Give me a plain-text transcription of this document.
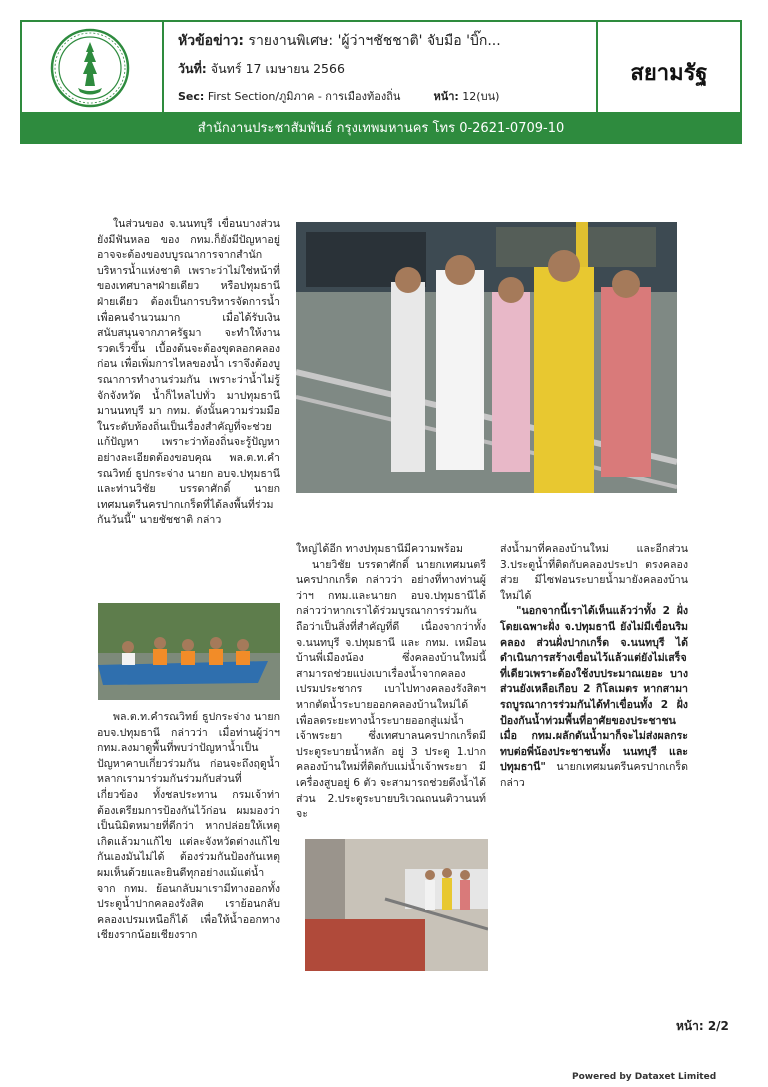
หัวข้อข่าว: รายงานพิเศษ: 'ผู้ว่าฯชัชชาติ' จับมือ 'บิ๊ก...
วันที่: จันทร์ 17 เมษายน 2566
Sec: First Section/ภูมิภาค - การเมืองท้องถิ่น	หน้า: 12(บน)
สยามรัฐ
สำนักงานประชาสัมพันธ์ กรุงเทพมหานคร โทร 0-2621-0709-10

ในส่วนของ จ.นนทบุรี เขื่อนบางส่วนยังมีฟันหลอ ของ กทม.ก็ยังมีปัญหาอยู่ อาจจะต้องของบบูรณาการจากสำนักบริหารน้ำแห่งชาติ เพราะว่าไม่ใช่หน้าที่ของเทศบาลฯฝ่ายเดียว หรือปทุมธานีฝ่ายเดียว ต้องเป็นการบริหารจัดการน้ำเพื่อคนจำนวนมาก เมื่อได้รับเงินสนับสนุนจากภาครัฐมา จะทำให้งานรวดเร็วขึ้น เบื้องต้นจะต้องขุดลอกคลองก่อน เพื่อเพิ่มการไหลของน้ำ เราจึงต้องบูรณาการทำงานร่วมกัน เพราะว่าน้ำไม่รู้จักจังหวัด น้ำก็ไหลไปทั่ว มาปทุมธานี มานนทบุรี มา กทม. ดังนั้นความร่วมมือในระดับท้องถิ่นเป็นเรื่องสำคัญที่จะช่วยแก้ปัญหา เพราะว่าท้องถิ่นจะรู้ปัญหาอย่างละเอียดต้องขอบคุณ พล.ต.ท.คำรณวิทย์ ธูปกระจ่าง นายก อบจ.ปทุมธานีและท่านวิชัย บรรดาศักดิ์ นายกเทศมนตรีนครปากเกร็ดที่ได้ลงพื้นที่ร่วมกันวันนี้" นายชัชชาติ กล่าว

พล.ต.ท.คำรณวิทย์ ธูปกระจ่าง นายก อบจ.ปทุมธานี กล่าวว่า เมื่อท่านผู้ว่าฯ กทม.ลงมาดูพื้นที่พบว่าปัญหาน้ำเป็นปัญหาคาบเกี่ยวร่วมกัน ก่อนจะถึงฤดูน้ำหลากเรามาร่วมกันร่วมกับส่วนที่เกี่ยวข้อง ทั้งชลประทาน กรมเจ้าท่าต้องเตรียมการป้องกันไว้ก่อน ผมมองว่าเป็นนิมิตหมายที่ดีกว่า หากปล่อยให้เหตุเกิดแล้วมาแก้ไข แต่ละจังหวัดต่างแก้ไขกันเองมันไม่ได้ ต้องร่วมกันป้องกันเหตุ ผมเห็นด้วยและยินดีทุกอย่างแม้แต่น้ำจาก กทม. ย้อนกลับมาเรามีทางออกทั้งประตูน้ำปากคลองรังสิต เราย้อนกลับคลองเปรมเหนือก็ได้ เพื่อให้น้ำออกทางเชียงรากน้อยเชียงราก

ใหญ่ได้อีก ทางปทุมธานีมีความพร้อม

นายวิชัย บรรดาศักดิ์ นายกเทศมนตรีนครปากเกร็ด กล่าวว่า อย่างที่ทางท่านผู้ว่าฯ กทม.และนายก อบจ.ปทุมธานีได้กล่าวว่าหากเราได้ร่วมบูรณาการร่วมกัน ถือว่าเป็นสิ่งที่สำคัญที่ดี เนื่องจากว่าทั้ง จ.นนทบุรี จ.ปทุมธานี และ กทม. เหมือนบ้านพี่เมืองน้อง ซึ่งคลองบ้านใหม่นี้สามารถช่วยแบ่งเบาเรื่องน้ำจากคลองเปรมประชากร เบาไปทางคลองรังสิตฯ หากตัดน้ำระบายออกคลองบ้านใหม่ได้ เพื่อลดระยะทางน้ำระบายออกสู่แม่น้ำเจ้าพระยา ซึ่งเทศบาลนครปากเกร็ดมีประตูระบายน้ำหลัก อยู่ 3 ประตู 1.ปากคลองบ้านใหม่ที่ติดกับแม่น้ำเจ้าพระยา มีเครื่องสูบอยู่ 6 ตัว จะสามารถช่วยดึงน้ำได้ ส่วน 2.ประตูระบายบริเวณถนนติวานนท์ จะ

ส่งน้ำมาที่คลองบ้านใหม่ และอีกส่วน 3.ประตูน้ำที่ติดกับคลองประปา ตรงคลองส่วย มีไซฟอนระบายน้ำมายังคลองบ้านใหม่ได้

"นอกจากนี้เราได้เห็นแล้วว่าทั้ง 2 ฝั่ง โดยเฉพาะฝั่ง จ.ปทุมธานี ยังไม่มีเขื่อนริมคลอง ส่วนฝั่งปากเกร็ด จ.นนทบุรี ได้ดำเนินการสร้างเขื่อนไว้แล้วแต่ยังไม่เสร็จที่เดียวเพราะต้องใช้งบประมาณเยอะ บางส่วนยังเหลือเกือบ 2 กิโลเมตร หากสามารถบูรณาการร่วมกันได้ทำเขื่อนทั้ง 2 ฝั่ง ป้องกันน้ำท่วมพื้นที่อาศัยของประชาชน เมื่อ กทม.ผลักดันน้ำมาก็จะไม่ส่งผลกระทบต่อพี่น้องประชาชนทั้ง นนทบุรี และปทุมธานี" นายกเทศมนตรีนครปากเกร็ด กล่าว

หน้า: 2/2
Powered by Dataxet Limited
